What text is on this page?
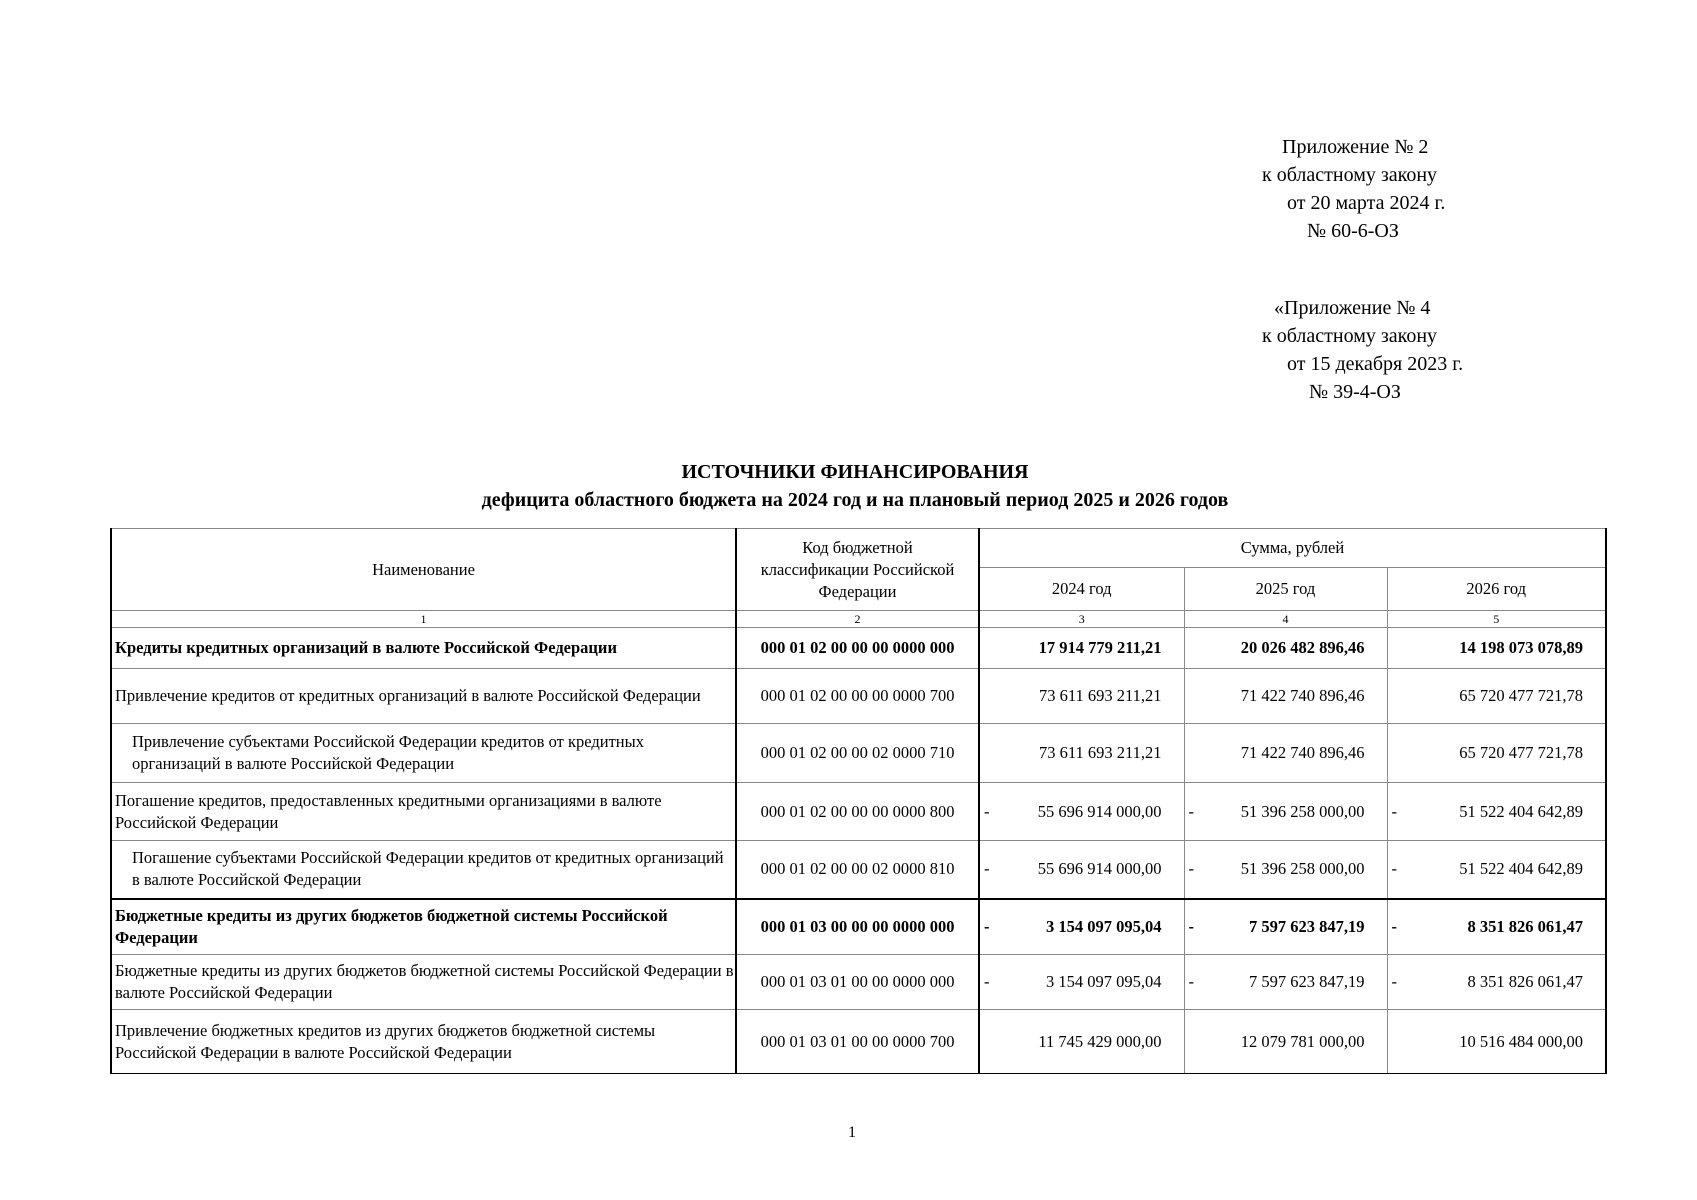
Приложение № 2
к областному закону
от 20 марта 2024 г.
№ 60-6-ОЗ
«Приложение № 4
к областному закону
от 15 декабря 2023 г.
№ 39-4-ОЗ
ИСТОЧНИКИ ФИНАНСИРОВАНИЯ
дефицита областного бюджета на 2024 год и на плановый период 2025 и 2026 годов
Наименование	Код бюджетной классификации Российской Федерации	Сумма, рублей		
		2024 год	2025 год	2026 год
1	2	3	4	5
Кредиты кредитных организаций в валюте Российской Федерации	000 01 02 00 00 00 0000 000	17 914 779 211,21	20 026 482 896,46	14 198 073 078,89
Привлечение кредитов от кредитных организаций в валюте Российской Федерации	000 01 02 00 00 00 0000 700	73 611 693 211,21	71 422 740 896,46	65 720 477 721,78
Привлечение субъектами Российской Федерации кредитов от кредитных организаций в валюте Российской Федерации	000 01 02 00 00 02 0000 710	73 611 693 211,21	71 422 740 896,46	65 720 477 721,78
Погашение кредитов, предоставленных кредитными организациями в валюте Российской Федерации	000 01 02 00 00 00 0000 800	- 55 696 914 000,00	- 51 396 258 000,00	- 51 522 404 642,89
Погашение субъектами Российской Федерации кредитов от кредитных организаций в валюте Российской Федерации	000 01 02 00 00 02 0000 810	- 55 696 914 000,00	- 51 396 258 000,00	- 51 522 404 642,89
Бюджетные кредиты из других бюджетов бюджетной системы Российской Федерации	000 01 03 00 00 00 0000 000	- 3 154 097 095,04	- 7 597 623 847,19	- 8 351 826 061,47
Бюджетные кредиты из других бюджетов бюджетной системы Российской Федерации в валюте Российской Федерации	000 01 03 01 00 00 0000 000	- 3 154 097 095,04	- 7 597 623 847,19	- 8 351 826 061,47
Привлечение бюджетных кредитов из других бюджетов бюджетной системы Российской Федерации в валюте Российской Федерации	000 01 03 01 00 00 0000 700	11 745 429 000,00	12 079 781 000,00	10 516 484 000,00
1
